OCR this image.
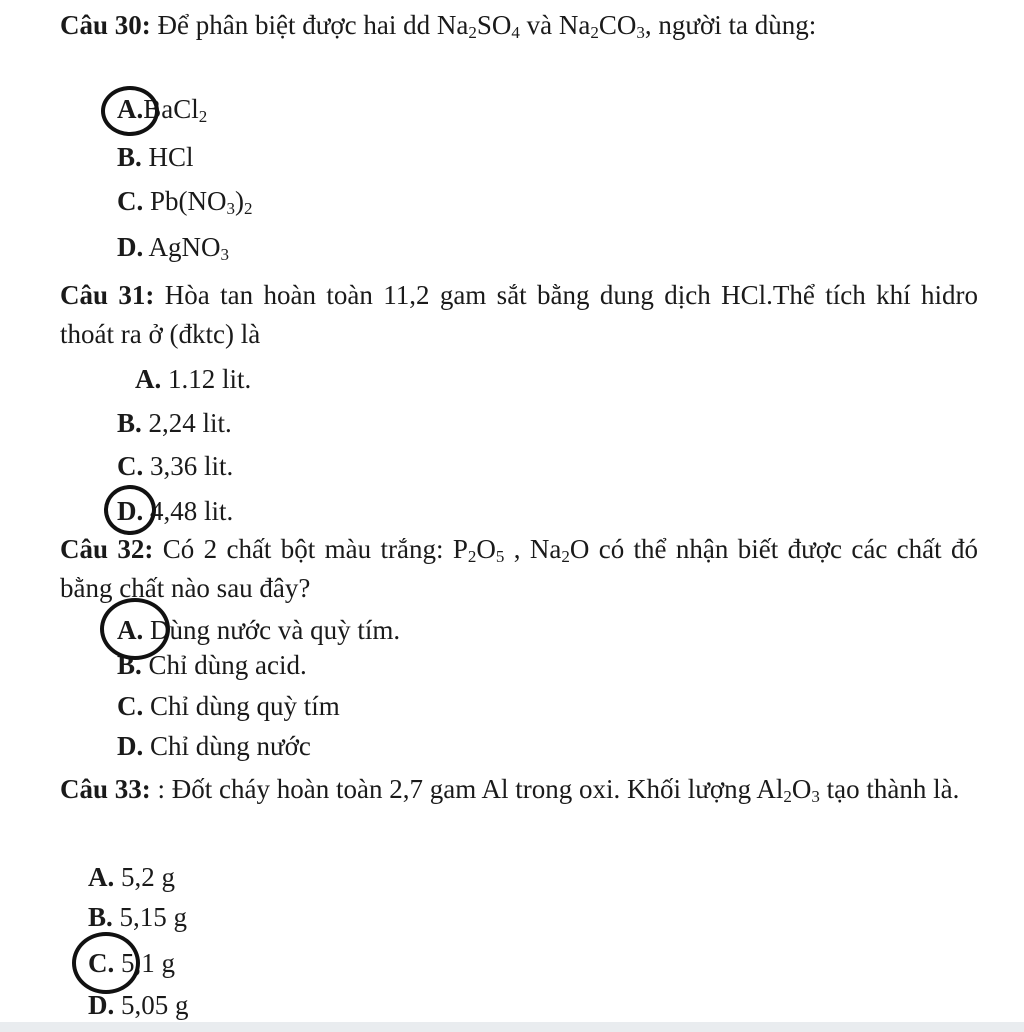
Câu 30: Để phân biệt được hai dd $Na_2SO_4$ và $Na_2CO_3$, người ta dùng:
A.BaCl$_2$
B. HCl
C. $Pb(NO_3)_2$
D. AgNO$_3$
Câu 31: Hòa tan hoàn toàn 11,2 gam sắt bằng dung dịch HCl.Thể tích khí hidro thoát ra ở (đktc) là
A. 1.12 lit.
B. 2,24 lit.
C. 3,36 lit.
D. 4,48 lit.
Câu 32: Có 2 chất bột màu trắng: $P_2O_5$ , $Na_2O$ có thể nhận biết được các chất đó bằng chất nào sau đây?
A. Dùng nước và quỳ tím.
B. Chỉ dùng acid.
C. Chỉ dùng quỳ tím
D. Chỉ dùng nước
Câu 33: : Đốt cháy hoàn toàn 2,7 gam Al trong oxi. Khối lượng $Al_2O_3$ tạo thành là.
A. 5,2 g
B. 5,15 g
C. 5,1 g
D. 5,05 g
